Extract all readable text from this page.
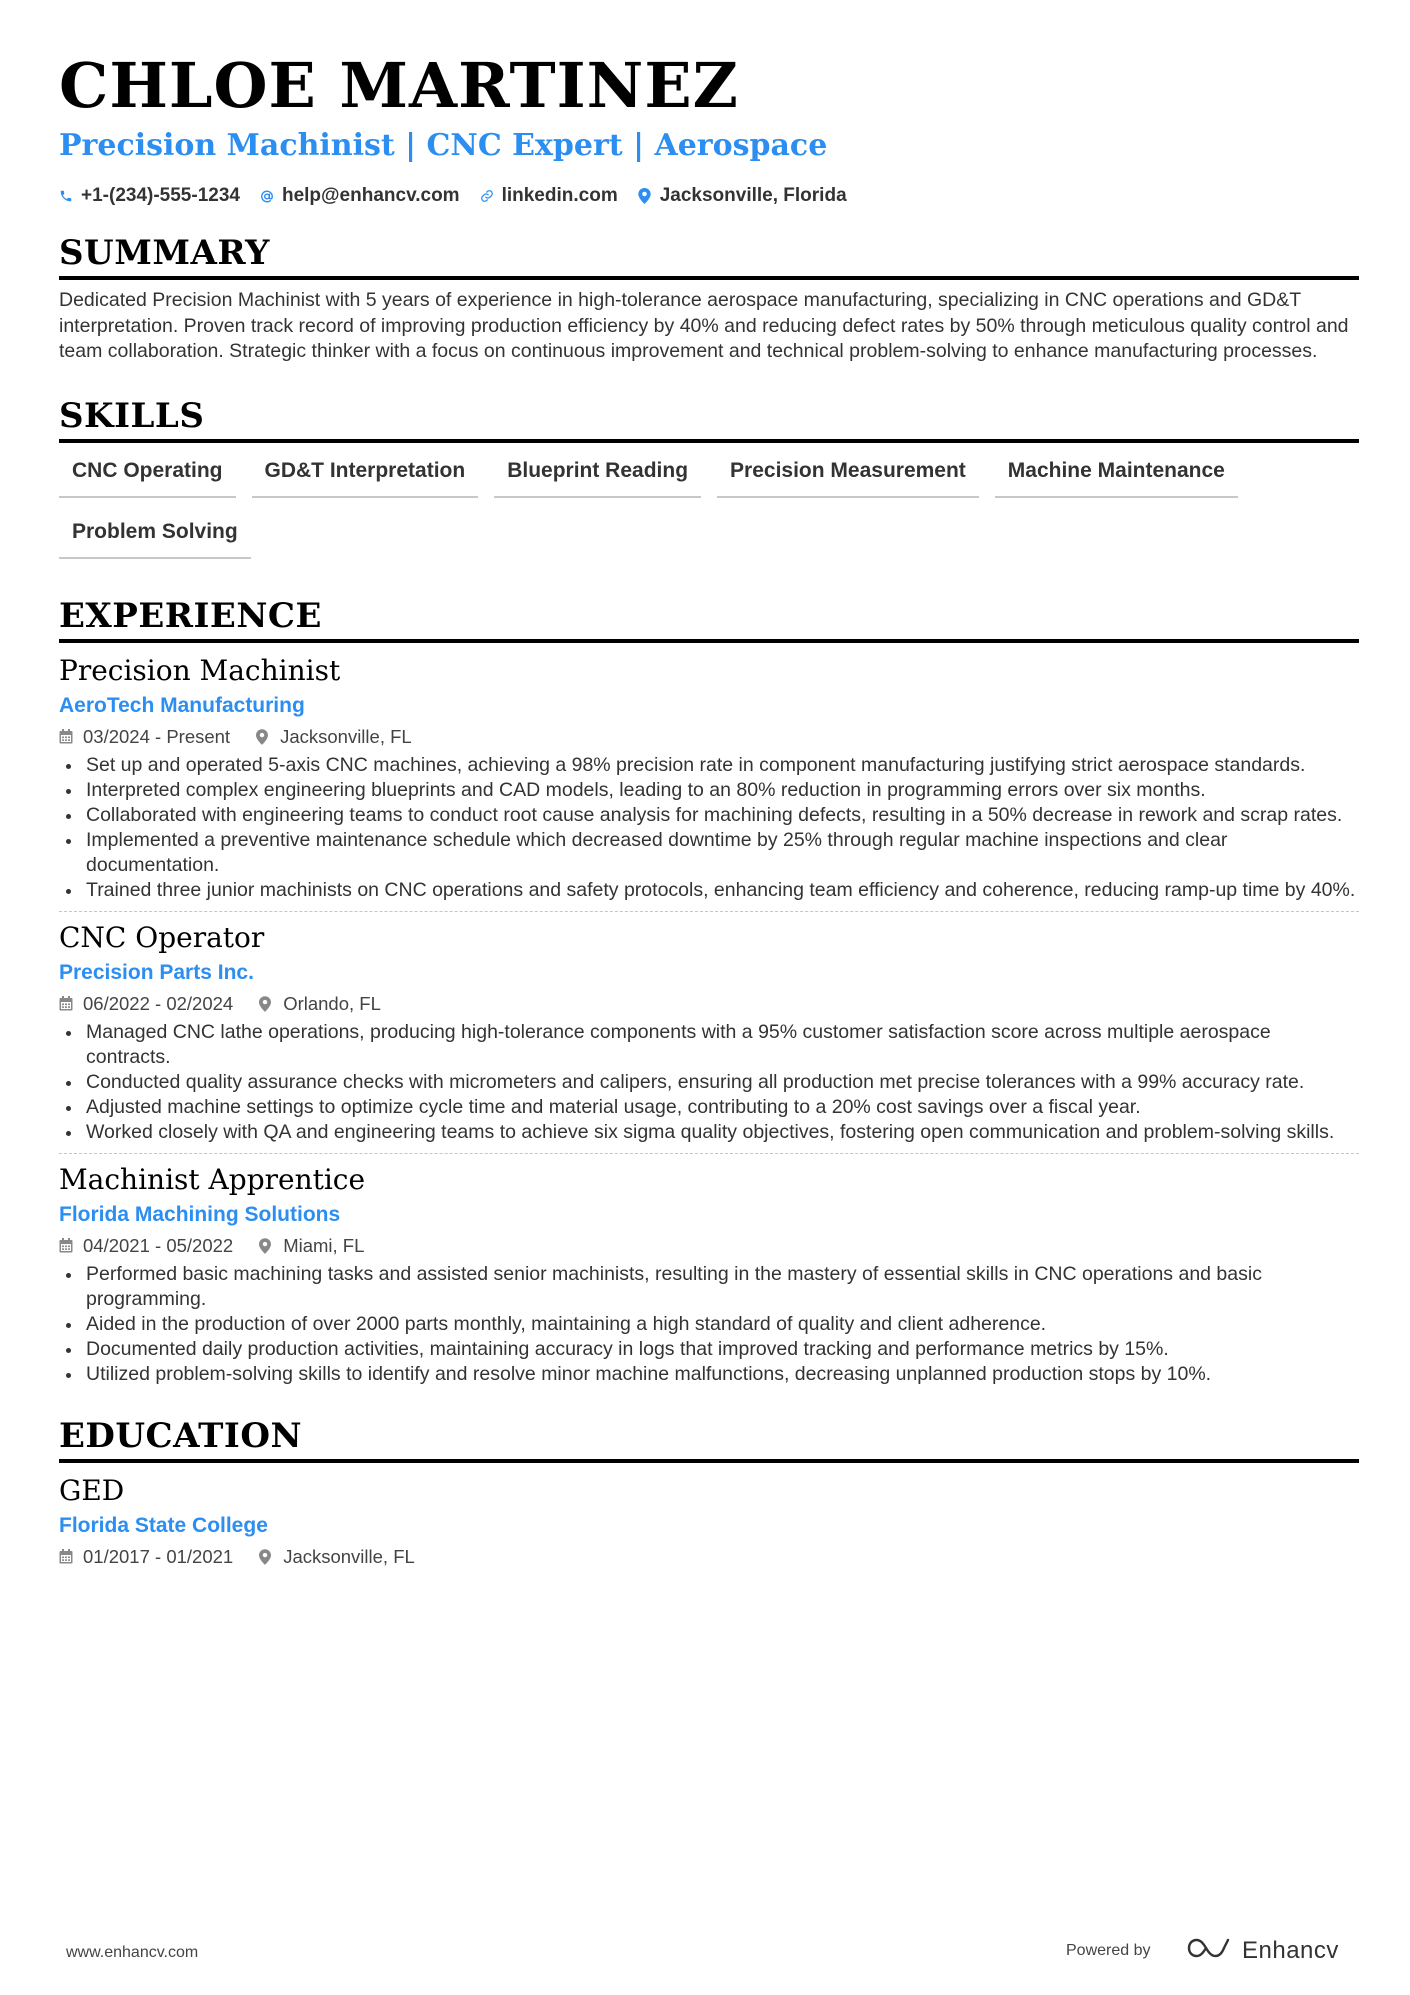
CHLOE MARTINEZ
Precision Machinist | CNC Expert | Aerospace
+1-(234)-555-1234 help@enhancv.com linkedin.com Jacksonville, Florida
SUMMARY
Dedicated Precision Machinist with 5 years of experience in high-tolerance aerospace manufacturing, specializing in CNC operations and GD&T interpretation. Proven track record of improving production efficiency by 40% and reducing defect rates by 50% through meticulous quality control and team collaboration. Strategic thinker with a focus on continuous improvement and technical problem-solving to enhance manufacturing processes.
SKILLS
CNC Operating	GD&T Interpretation	Blueprint Reading	Precision Measurement	Machine Maintenance
Problem Solving
EXPERIENCE
Precision Machinist
AeroTech Manufacturing
03/2024 - Present	Jacksonville, FL
Set up and operated 5-axis CNC machines, achieving a 98% precision rate in component manufacturing justifying strict aerospace standards.
Interpreted complex engineering blueprints and CAD models, leading to an 80% reduction in programming errors over six months.
Collaborated with engineering teams to conduct root cause analysis for machining defects, resulting in a 50% decrease in rework and scrap rates.
Implemented a preventive maintenance schedule which decreased downtime by 25% through regular machine inspections and clear documentation.
Trained three junior machinists on CNC operations and safety protocols, enhancing team efficiency and coherence, reducing ramp-up time by 40%.
CNC Operator
Precision Parts Inc.
06/2022 - 02/2024	Orlando, FL
Managed CNC lathe operations, producing high-tolerance components with a 95% customer satisfaction score across multiple aerospace contracts.
Conducted quality assurance checks with micrometers and calipers, ensuring all production met precise tolerances with a 99% accuracy rate.
Adjusted machine settings to optimize cycle time and material usage, contributing to a 20% cost savings over a fiscal year.
Worked closely with QA and engineering teams to achieve six sigma quality objectives, fostering open communication and problem-solving skills.
Machinist Apprentice
Florida Machining Solutions
04/2021 - 05/2022	Miami, FL
Performed basic machining tasks and assisted senior machinists, resulting in the mastery of essential skills in CNC operations and basic programming.
Aided in the production of over 2000 parts monthly, maintaining a high standard of quality and client adherence.
Documented daily production activities, maintaining accuracy in logs that improved tracking and performance metrics by 15%.
Utilized problem-solving skills to identify and resolve minor machine malfunctions, decreasing unplanned production stops by 10%.
EDUCATION
GED
Florida State College
01/2017 - 01/2021	Jacksonville, FL
www.enhancv.com	Powered by	Enhancv
